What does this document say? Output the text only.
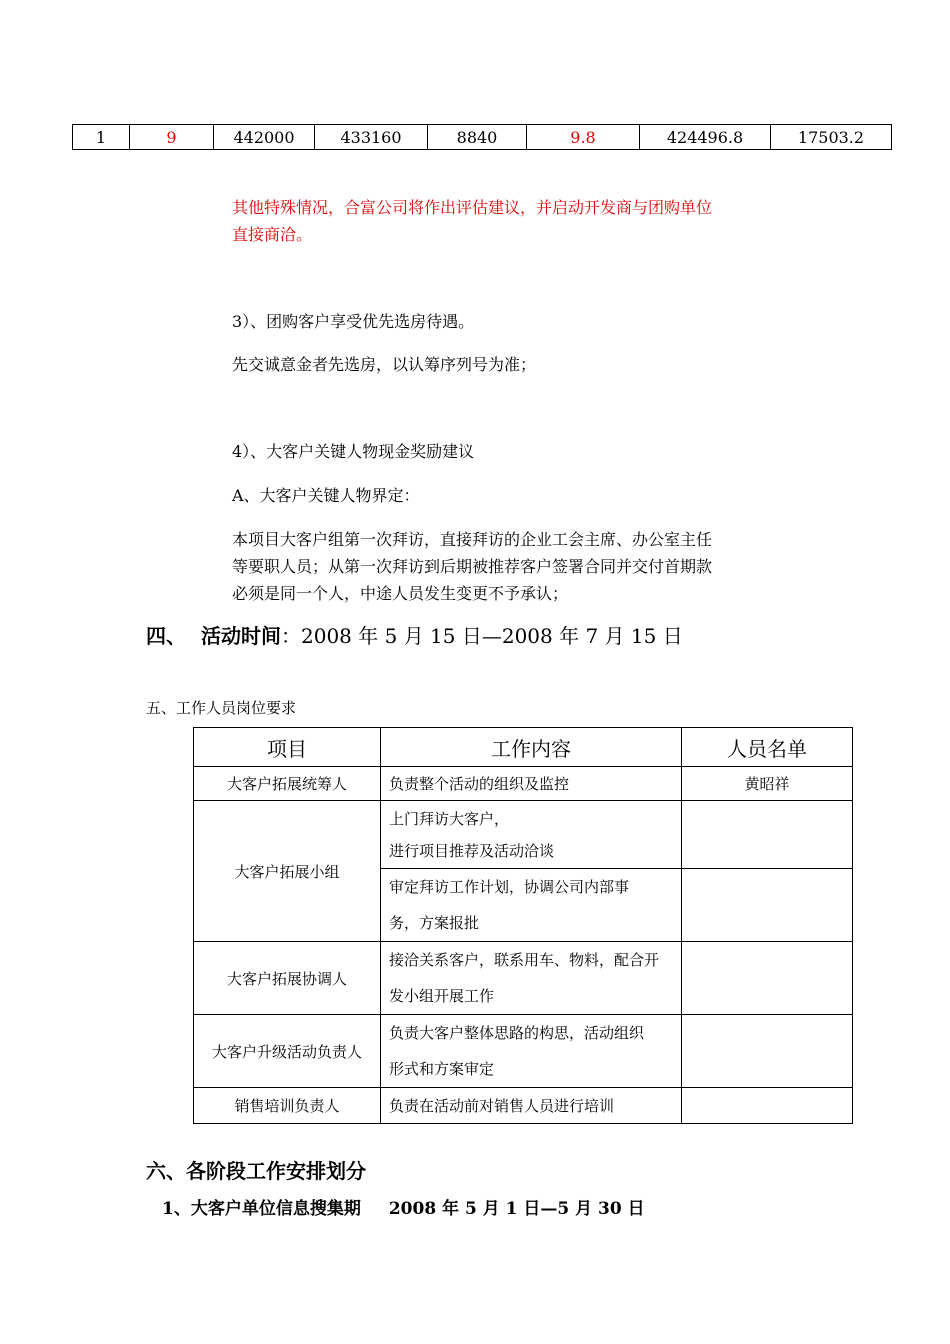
1	9	442000	433160	8840	9.8	424496.8	17503.2
其他特殊情况，合富公司将作出评估建议，并启动开发商与团购单位
直接商洽。
3）、团购客户享受优先选房待遇。
先交诚意金者先选房，以认筹序列号为准；
4）、大客户关键人物现金奖励建议
A、大客户关键人物界定：
本项目大客户组第一次拜访，直接拜访的企业工会主席、办公室主任
等要职人员；从第一次拜访到后期被推荐客户签署合同并交付首期款
必须是同一个人，中途人员发生变更不予承认；
四、 活动时间：2008 年 5 月 15 日—2008 年 7 月 15 日
五、工作人员岗位要求
项目	工作内容	人员名单
大客户拓展统筹人	负责整个活动的组织及监控	黄昭祥
大客户拓展小组	上门拜访大客户，
进行项目推荐及活动洽谈	

	审定拜访工作计划，协调公司内部事
务，方案报批	

大客户拓展协调人	接洽关系客户，联系用车、物料，配合开
发小组开展工作	

大客户升级活动负责人	负责大客户整体思路的构思，活动组织
形式和方案审定	

销售培训负责人	负责在活动前对销售人员进行培训	
六、各阶段工作安排划分
1、大客户单位信息搜集期 2008 年 5 月 1 日—5 月 30 日
